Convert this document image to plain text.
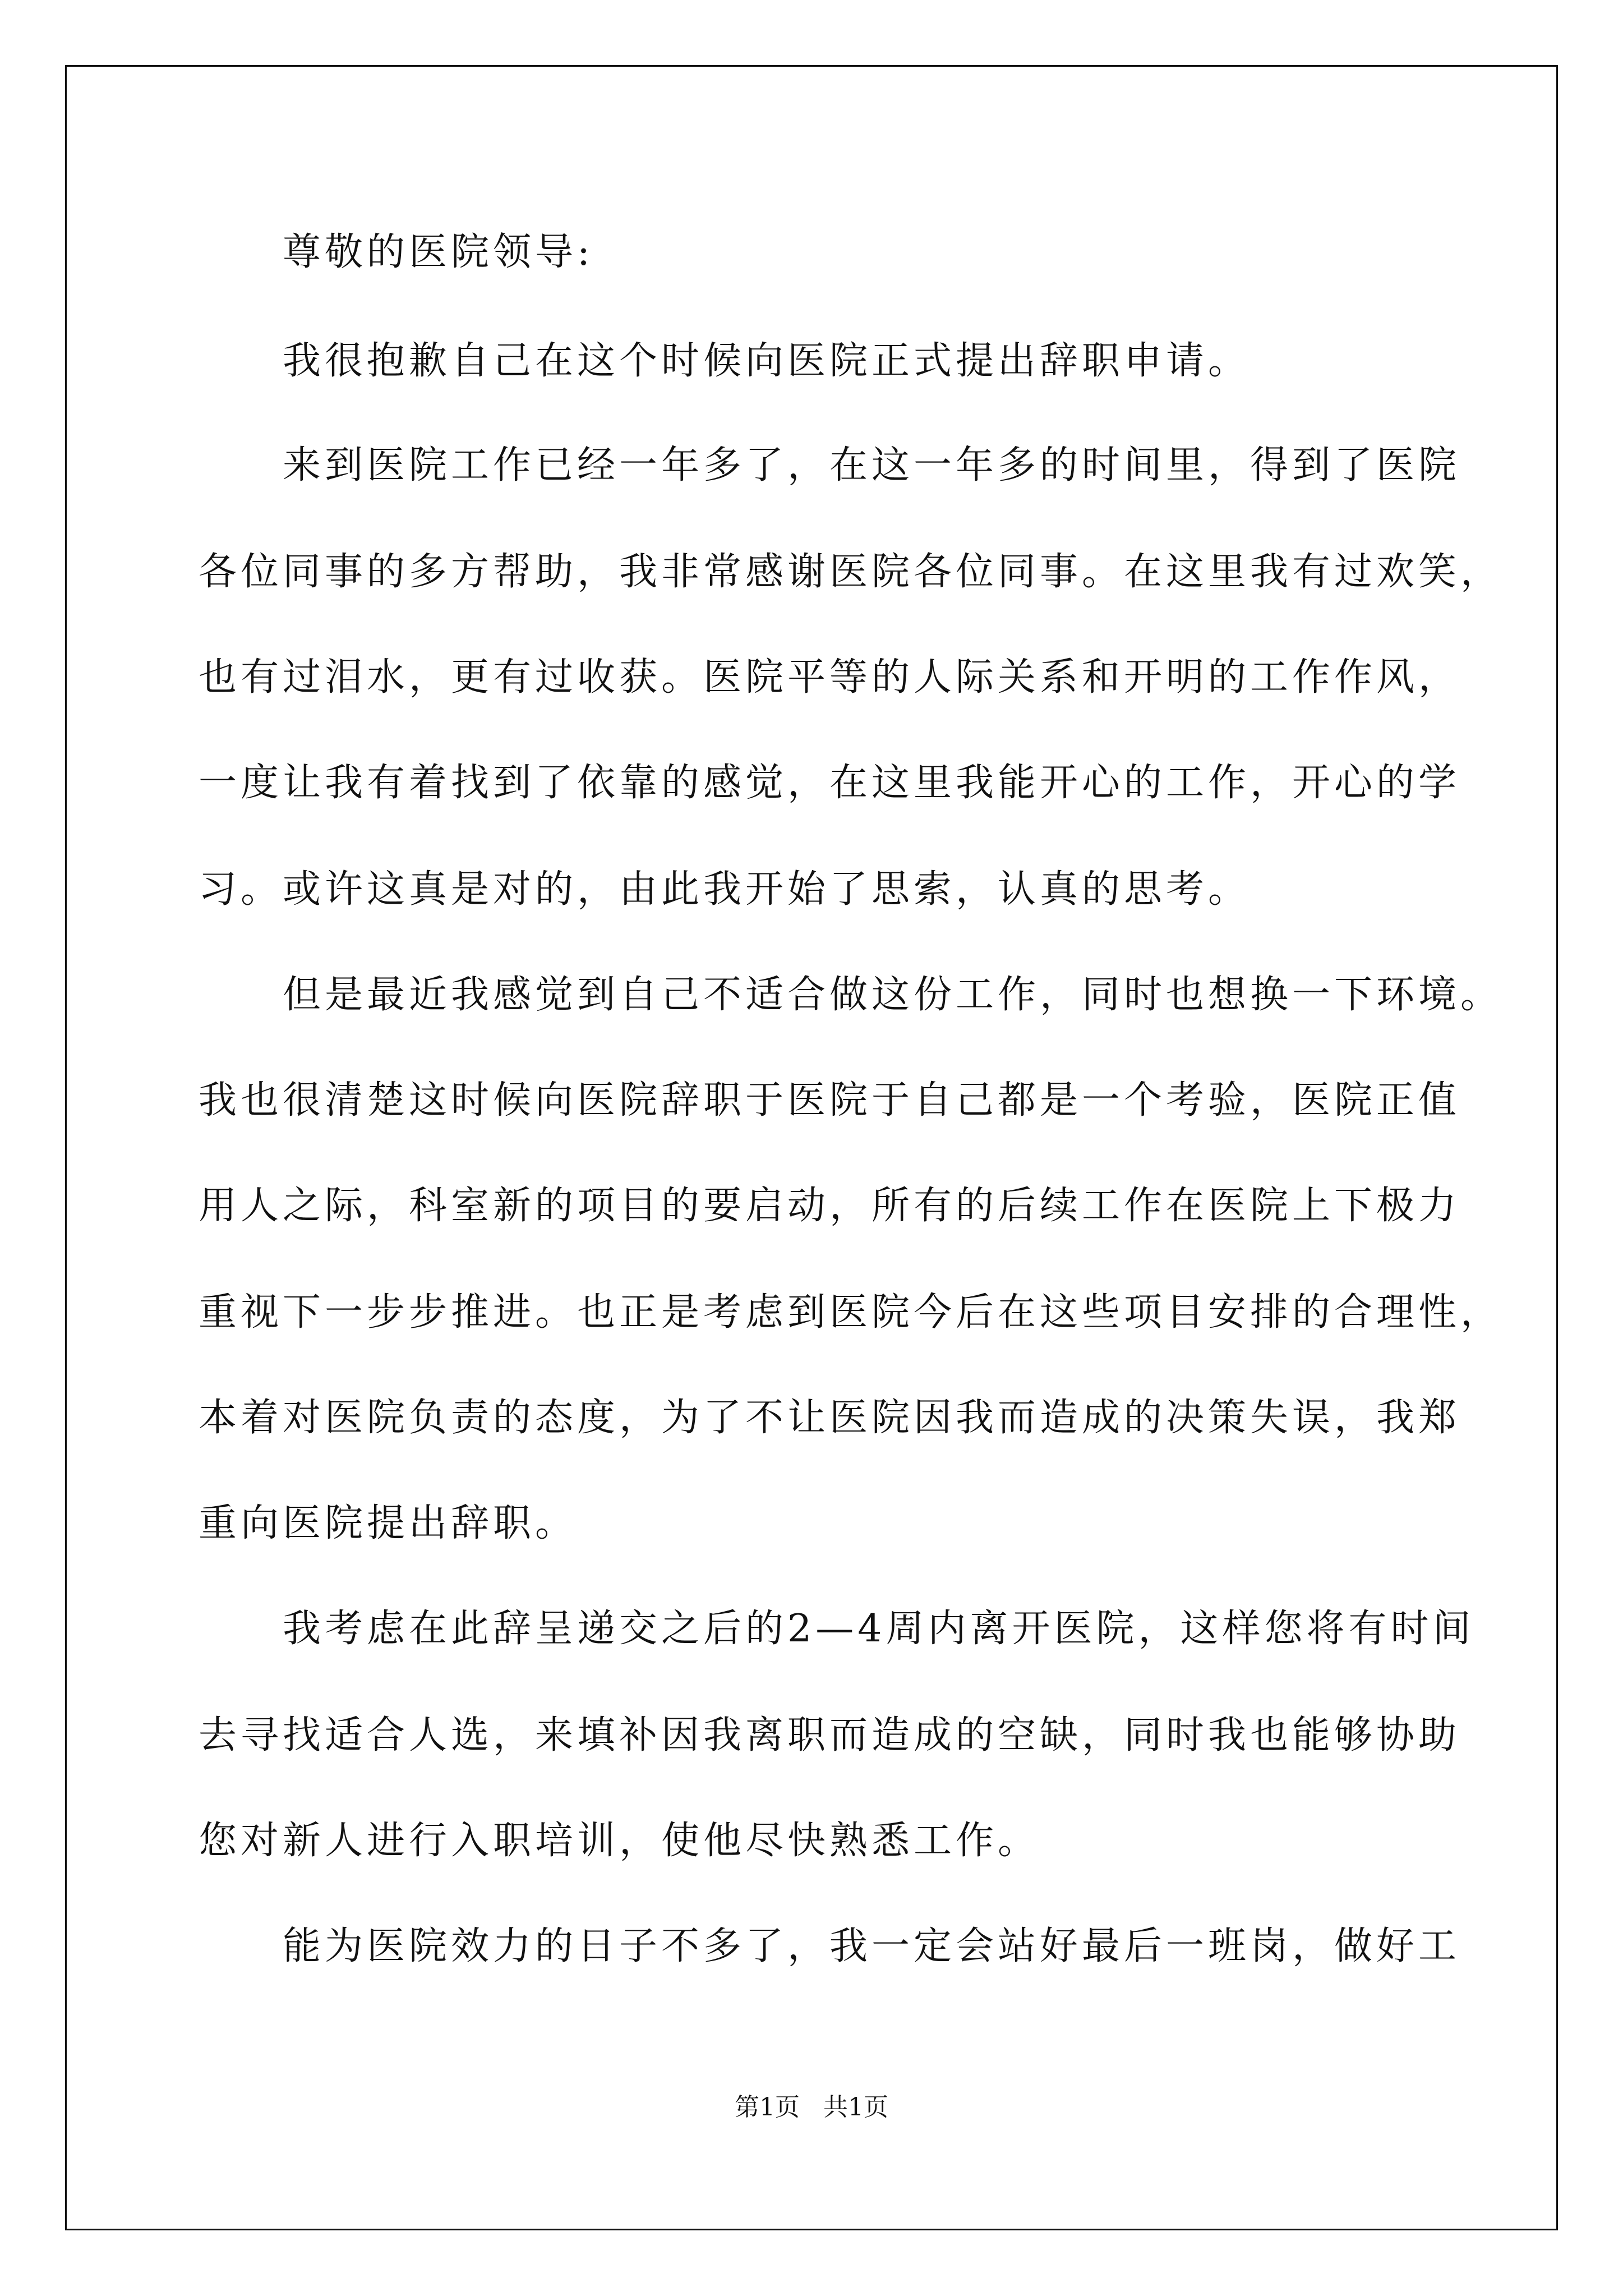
尊敬的医院领导:

我很抱歉自己在这个时候向医院正式提出辞职申请。

来到医院工作已经一年多了，在这一年多的时间里，得到了医院

各位同事的多方帮助，我非常感谢医院各位同事。在这里我有过欢笑，

也有过泪水，更有过收获。医院平等的人际关系和开明的工作作风，

一度让我有着找到了依靠的感觉，在这里我能开心的工作，开心的学

习。或许这真是对的，由此我开始了思索，认真的思考。

但是最近我感觉到自己不适合做这份工作，同时也想换一下环境。

我也很清楚这时候向医院辞职于医院于自己都是一个考验，医院正值

用人之际，科室新的项目的要启动，所有的后续工作在医院上下极力

重视下一步步推进。也正是考虑到医院今后在这些项目安排的合理性，

本着对医院负责的态度，为了不让医院因我而造成的决策失误，我郑

重向医院提出辞职。

我考虑在此辞呈递交之后的2—4周内离开医院，这样您将有时间

去寻找适合人选，来填补因我离职而造成的空缺，同时我也能够协助

您对新人进行入职培训，使他尽快熟悉工作。

能为医院效力的日子不多了，我一定会站好最后一班岗，做好工

第1页   共1页
